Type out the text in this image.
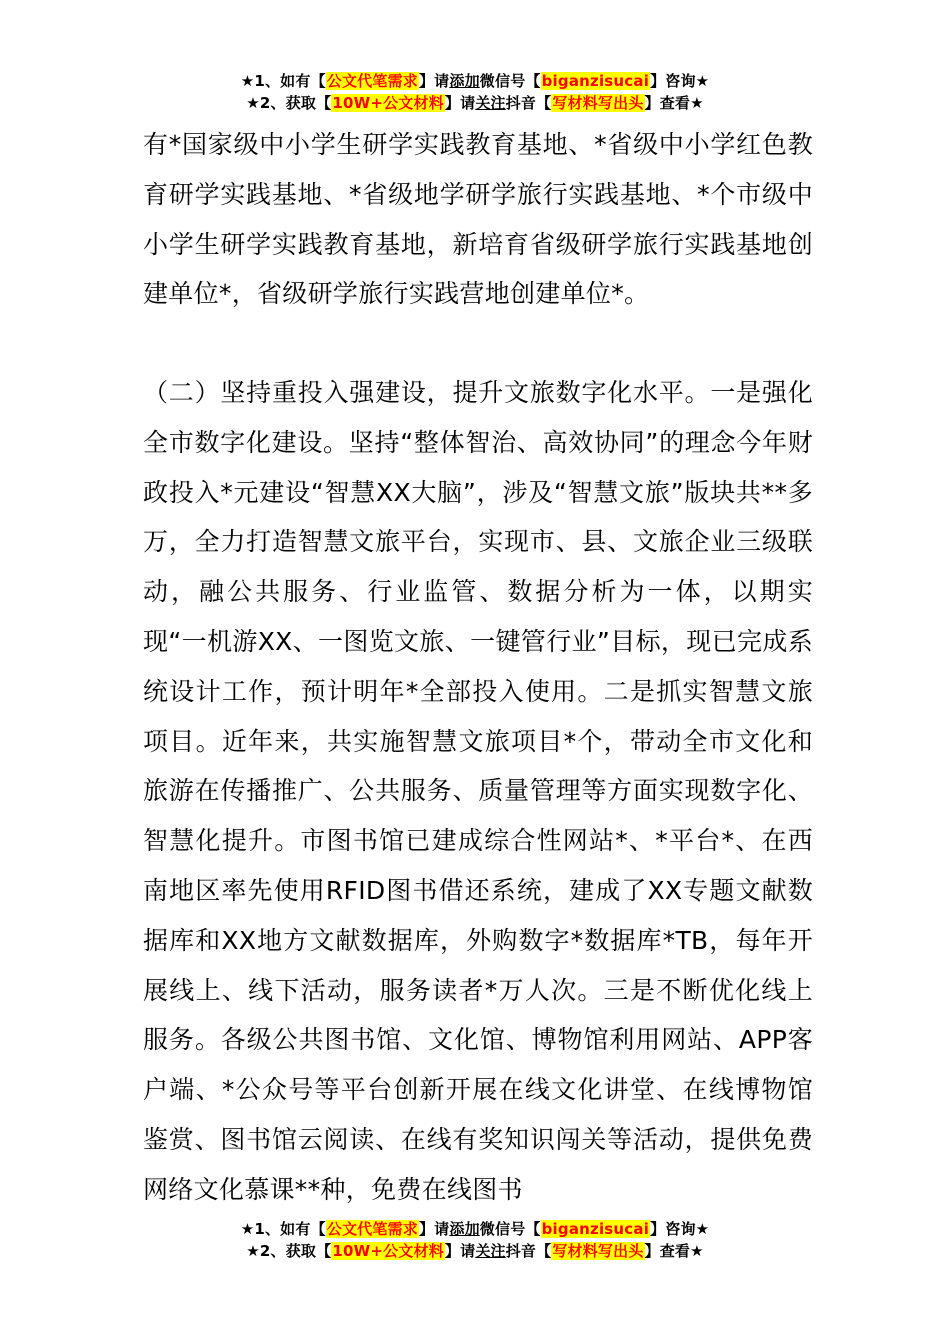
★1、如有【公文代笔需求】请添加微信号【biganzisucai】咨询★
★2、获取【10W+公文材料】请关注抖音【写材料写出头】查看★

有*国家级中小学生研学实践教育基地、*省级中小学红色教育研学实践基地、*省级地学研学旅行实践基地、*个市级中小学生研学实践教育基地，新培育省级研学旅行实践基地创建单位*，省级研学旅行实践营地创建单位*。

（二）坚持重投入强建设，提升文旅数字化水平。一是强化全市数字化建设。坚持“整体智治、高效协同”的理念今年财政投入*元建设“智慧XX大脑”，涉及“智慧文旅”版块共**多万，全力打造智慧文旅平台，实现市、县、文旅企业三级联动，融公共服务、行业监管、数据分析为一体，以期实现“一机游XX、一图览文旅、一键管行业”目标，现已完成系统设计工作，预计明年*全部投入使用。二是抓实智慧文旅项目。近年来，共实施智慧文旅项目*个，带动全市文化和旅游在传播推广、公共服务、质量管理等方面实现数字化、智慧化提升。市图书馆已建成综合性网站*、*平台*、在西南地区率先使用RFID图书借还系统，建成了XX专题文献数据库和XX地方文献数据库，外购数字*数据库*TB，每年开展线上、线下活动，服务读者*万人次。三是不断优化线上服务。各级公共图书馆、文化馆、博物馆利用网站、APP客户端、*公众号等平台创新开展在线文化讲堂、在线博物馆鉴赏、图书馆云阅读、在线有奖知识闯关等活动，提供免费网络文化慕课**种，免费在线图书

★1、如有【公文代笔需求】请添加微信号【biganzisucai】咨询★
★2、获取【10W+公文材料】请关注抖音【写材料写出头】查看★
